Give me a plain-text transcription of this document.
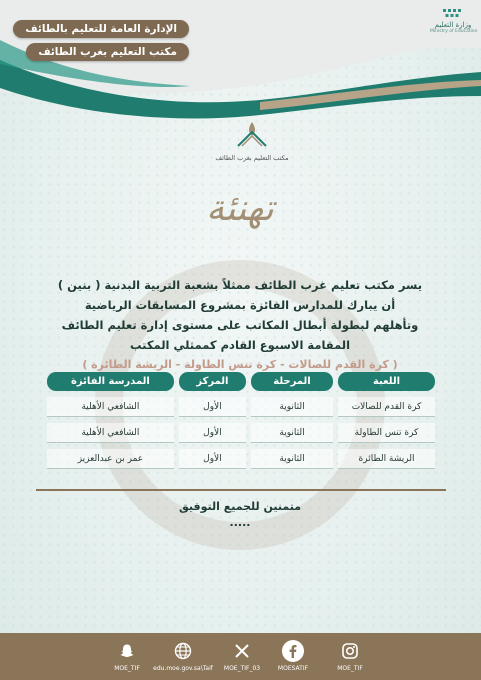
الإدارة العامة للتعليم بالطائف
مكتب التعليم بغرب الطائف
وزارة التعليم
Ministry of Education
مكتب التعليم بغرب الطائف
تهنئة
يسر مكتب تعليم غرب الطائف ممثلاً بشعبة التربية البدنية ( بنين )
أن يبارك للمدارس الفائزة بمشروع المسابقات الرياضية
وتأهلهم لبطولة أبطال المكاتب على مستوى إدارة تعليم الطائف
المقامة الاسبوع القادم كممثلي المكتب
( كرة القدم للصالات - كرة تنس الطاولة - الريشة الطائرة )
اللعبة	المرحلة	المركز	المدرسة الفائزة
كرة القدم للصالات	الثانوية	الأول	الشافعي الأهلية
كرة تنس الطاولة	الثانوية	الأول	الشافعي الأهلية
الريشة الطائرة	الثانوية	الأول	عمر بن عبدالعزيز
متمنين للجميع التوفيق
.....
MOE_TIF	edu.moe.gov.sa\Taif	MOE_TIF_03	MOESATIF	MOE_TIF
